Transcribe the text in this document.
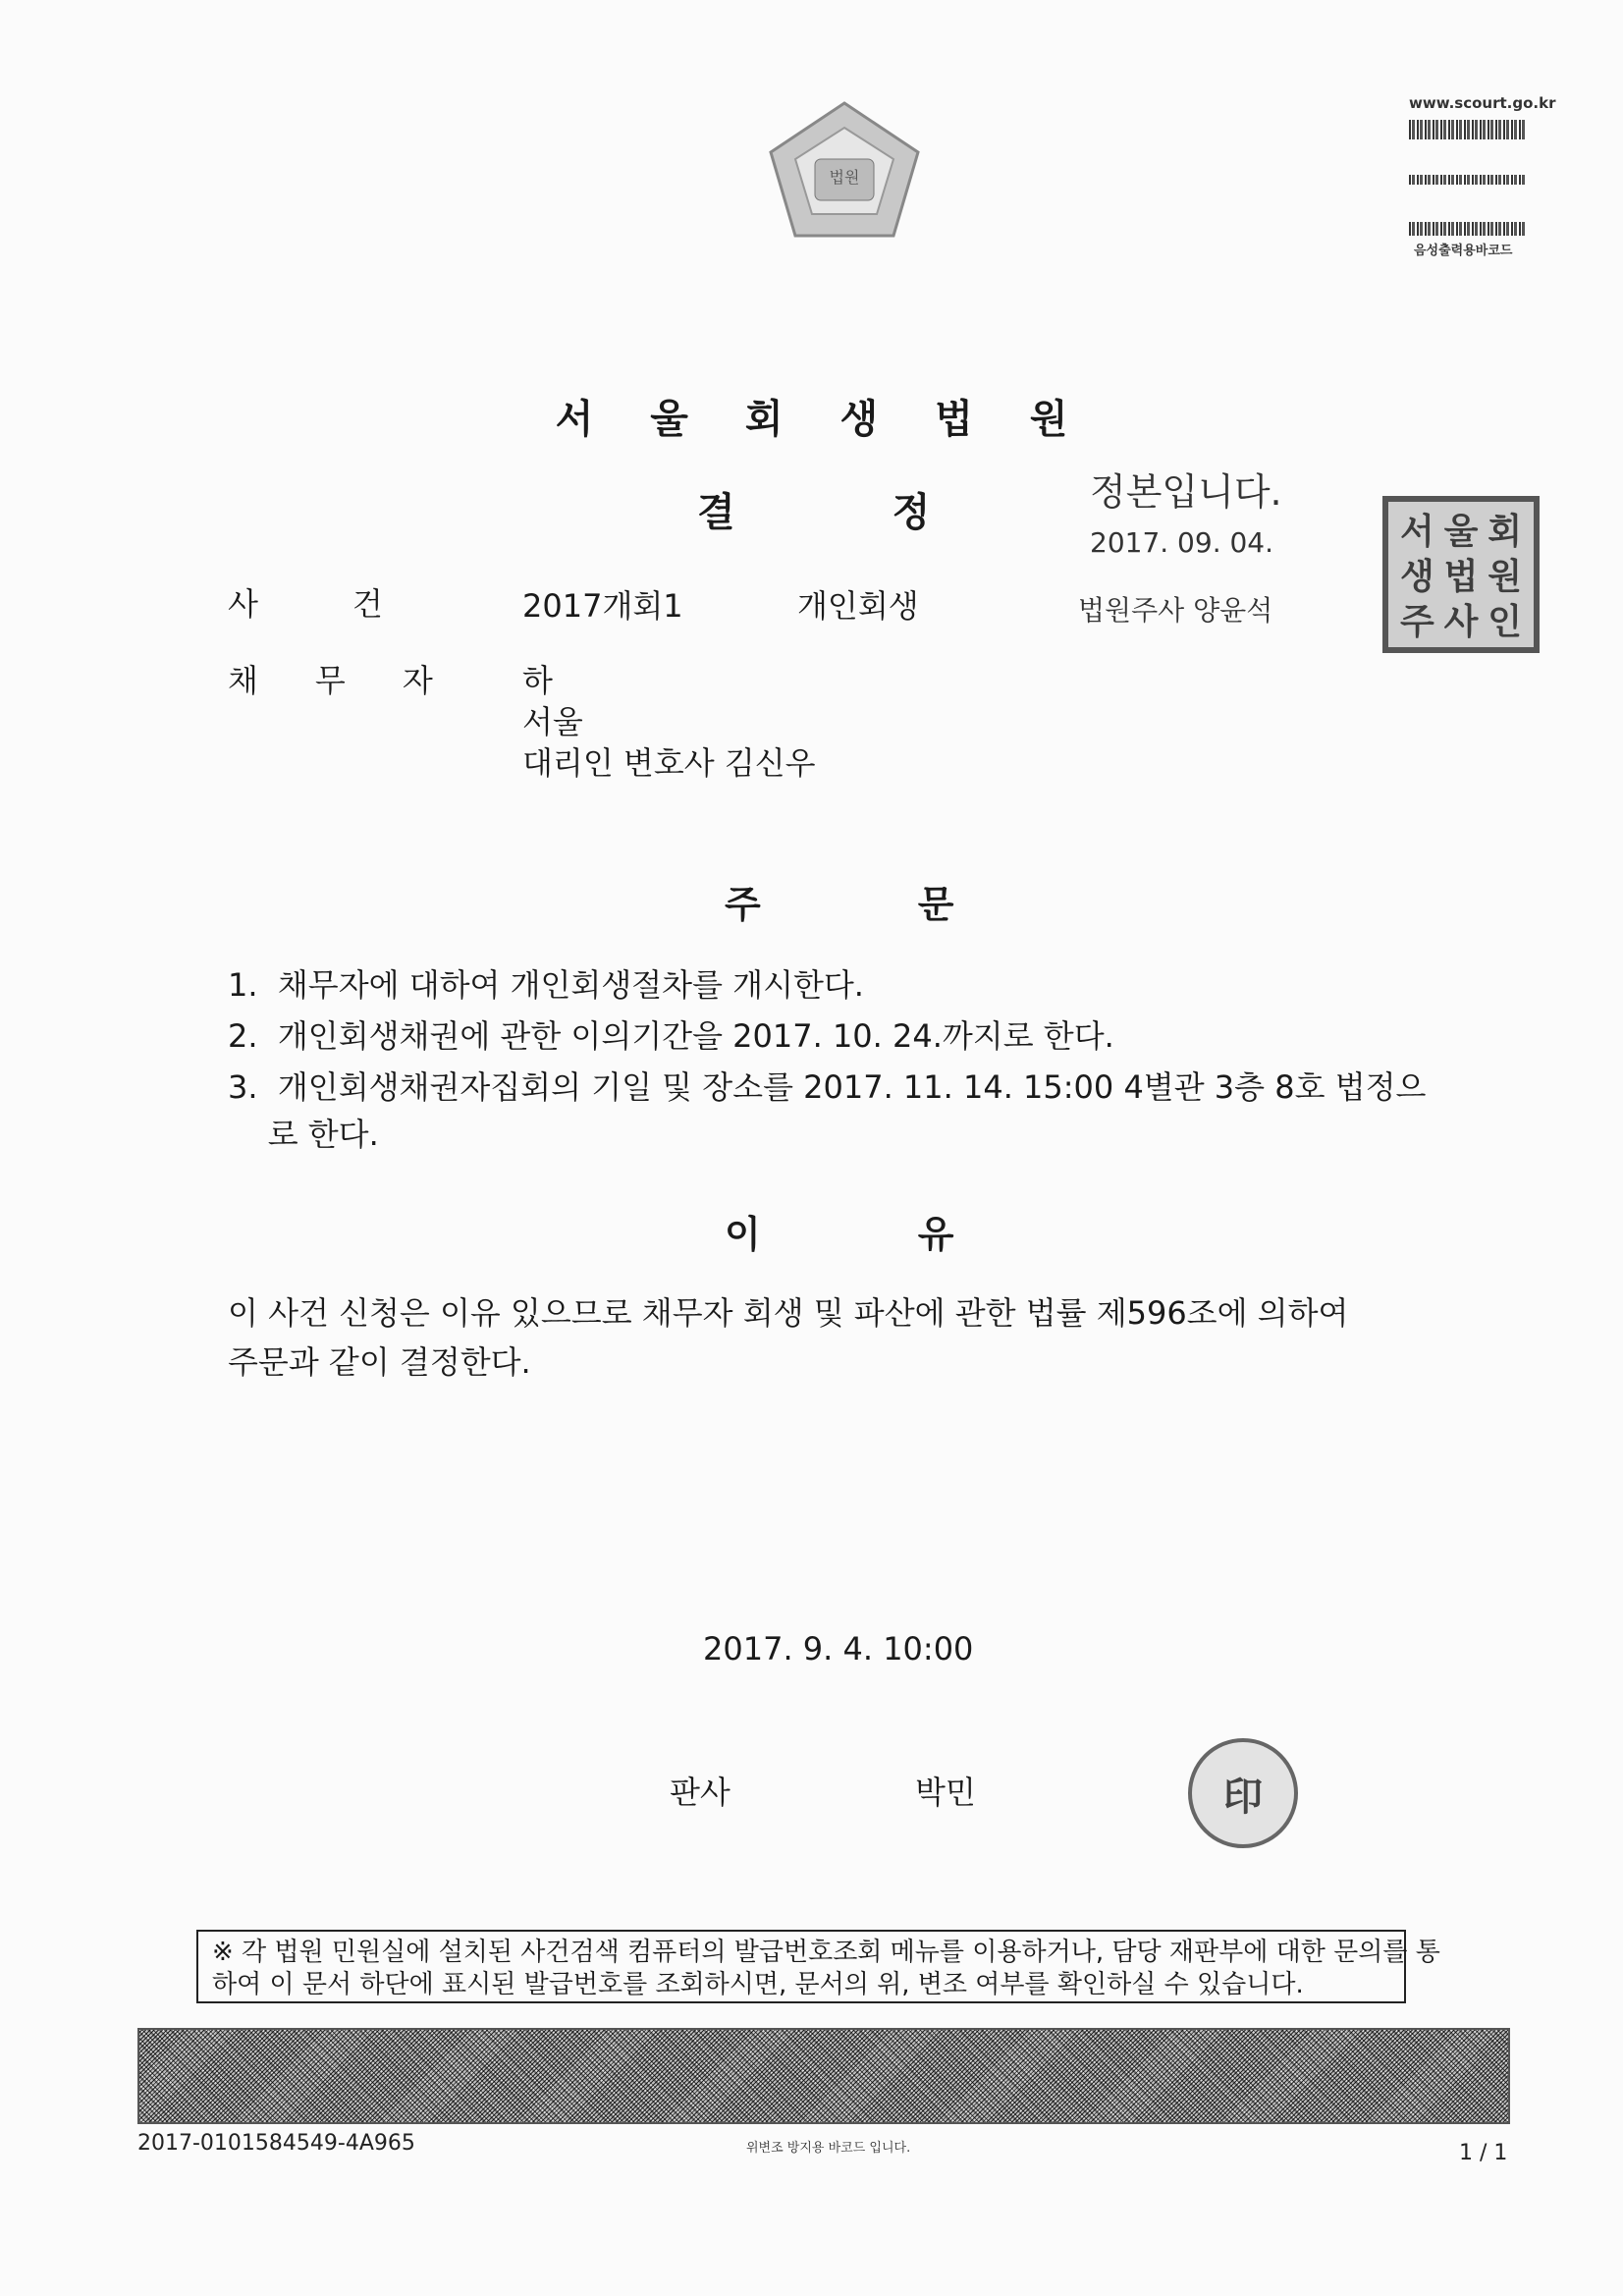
법원
www.scourt.go.kr
음성출력용바코드
서울회생법원
결정 정본입니다.
2017. 09. 04.
법원주사 양윤석
서 울 회
생 법 원
주 사 인
사건 2017개회1	개인회생
채무자 하
서울
대리인 변호사 김신우
주문
1.  채무자에 대하여 개인회생절차를 개시한다.
2.  개인회생채권에 관한 이의기간을 2017. 10. 24.까지로 한다.
3.  개인회생채권자집회의 기일 및 장소를 2017. 11. 14. 15:00 4별관 3층 8호 법정으
로 한다.
이유
이 사건 신청은 이유 있으므로 채무자 회생 및 파산에 관한 법률 제596조에 의하여
주문과 같이 결정한다.
2017. 9. 4. 10:00
판사	박민	印
※ 각 법원 민원실에 설치된 사건검색 컴퓨터의 발급번호조회 메뉴를 이용하거나, 담당 재판부에 대한 문의를 통
하여 이 문서 하단에 표시된 발급번호를 조회하시면, 문서의 위, 변조 여부를 확인하실 수 있습니다.
2017-0101584549-4A965	위변조 방지용 바코드 입니다.	1 / 1
